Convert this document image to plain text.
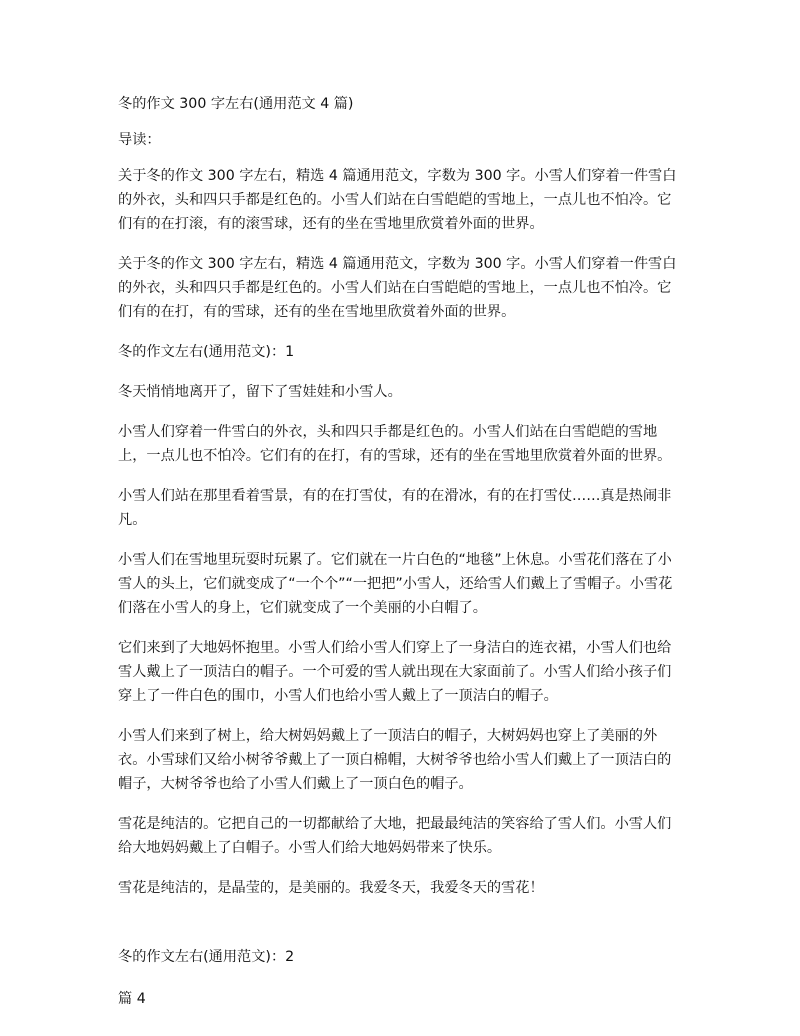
冬的作文 300 字左右(通用范文 4 篇)

导读：

关于冬的作文 300 字左右，精选 4 篇通用范文，字数为 300 字。小雪人们穿着一件雪白的外衣，头和四只手都是红色的。小雪人们站在白雪皑皑的雪地上，一点儿也不怕冷。它们有的在打滚，有的滚雪球，还有的坐在雪地里欣赏着外面的世界。

关于冬的作文 300 字左右，精选 4 篇通用范文，字数为 300 字。小雪人们穿着一件雪白的外衣，头和四只手都是红色的。小雪人们站在白雪皑皑的雪地上，一点儿也不怕冷。它们有的在打，有的雪球，还有的坐在雪地里欣赏着外面的世界。

冬的作文左右(通用范文)：1

冬天悄悄地离开了，留下了雪娃娃和小雪人。

小雪人们穿着一件雪白的外衣，头和四只手都是红色的。小雪人们站在白雪皑皑的雪地上，一点儿也不怕冷。它们有的在打，有的雪球，还有的坐在雪地里欣赏着外面的世界。

小雪人们站在那里看着雪景，有的在打雪仗，有的在滑冰，有的在打雪仗……真是热闹非凡。

小雪人们在雪地里玩耍时玩累了。它们就在一片白色的“地毯”上休息。小雪花们落在了小雪人的头上，它们就变成了“一个个”“一把把”小雪人，还给雪人们戴上了雪帽子。小雪花们落在小雪人的身上，它们就变成了一个美丽的小白帽了。

它们来到了大地妈怀抱里。小雪人们给小雪人们穿上了一身洁白的连衣裙，小雪人们也给雪人戴上了一顶洁白的帽子。一个可爱的雪人就出现在大家面前了。小雪人们给小孩子们穿上了一件白色的围巾，小雪人们也给小雪人戴上了一顶洁白的帽子。

小雪人们来到了树上，给大树妈妈戴上了一顶洁白的帽子，大树妈妈也穿上了美丽的外衣。小雪球们又给小树爷爷戴上了一顶白棉帽，大树爷爷也给小雪人们戴上了一顶洁白的帽子，大树爷爷也给了小雪人们戴上了一顶白色的帽子。

雪花是纯洁的。它把自己的一切都献给了大地，把最最纯洁的笑容给了雪人们。小雪人们给大地妈妈戴上了白帽子。小雪人们给大地妈妈带来了快乐。

雪花是纯洁的，是晶莹的，是美丽的。我爱冬天，我爱冬天的雪花！

冬的作文左右(通用范文)：2

篇 4
